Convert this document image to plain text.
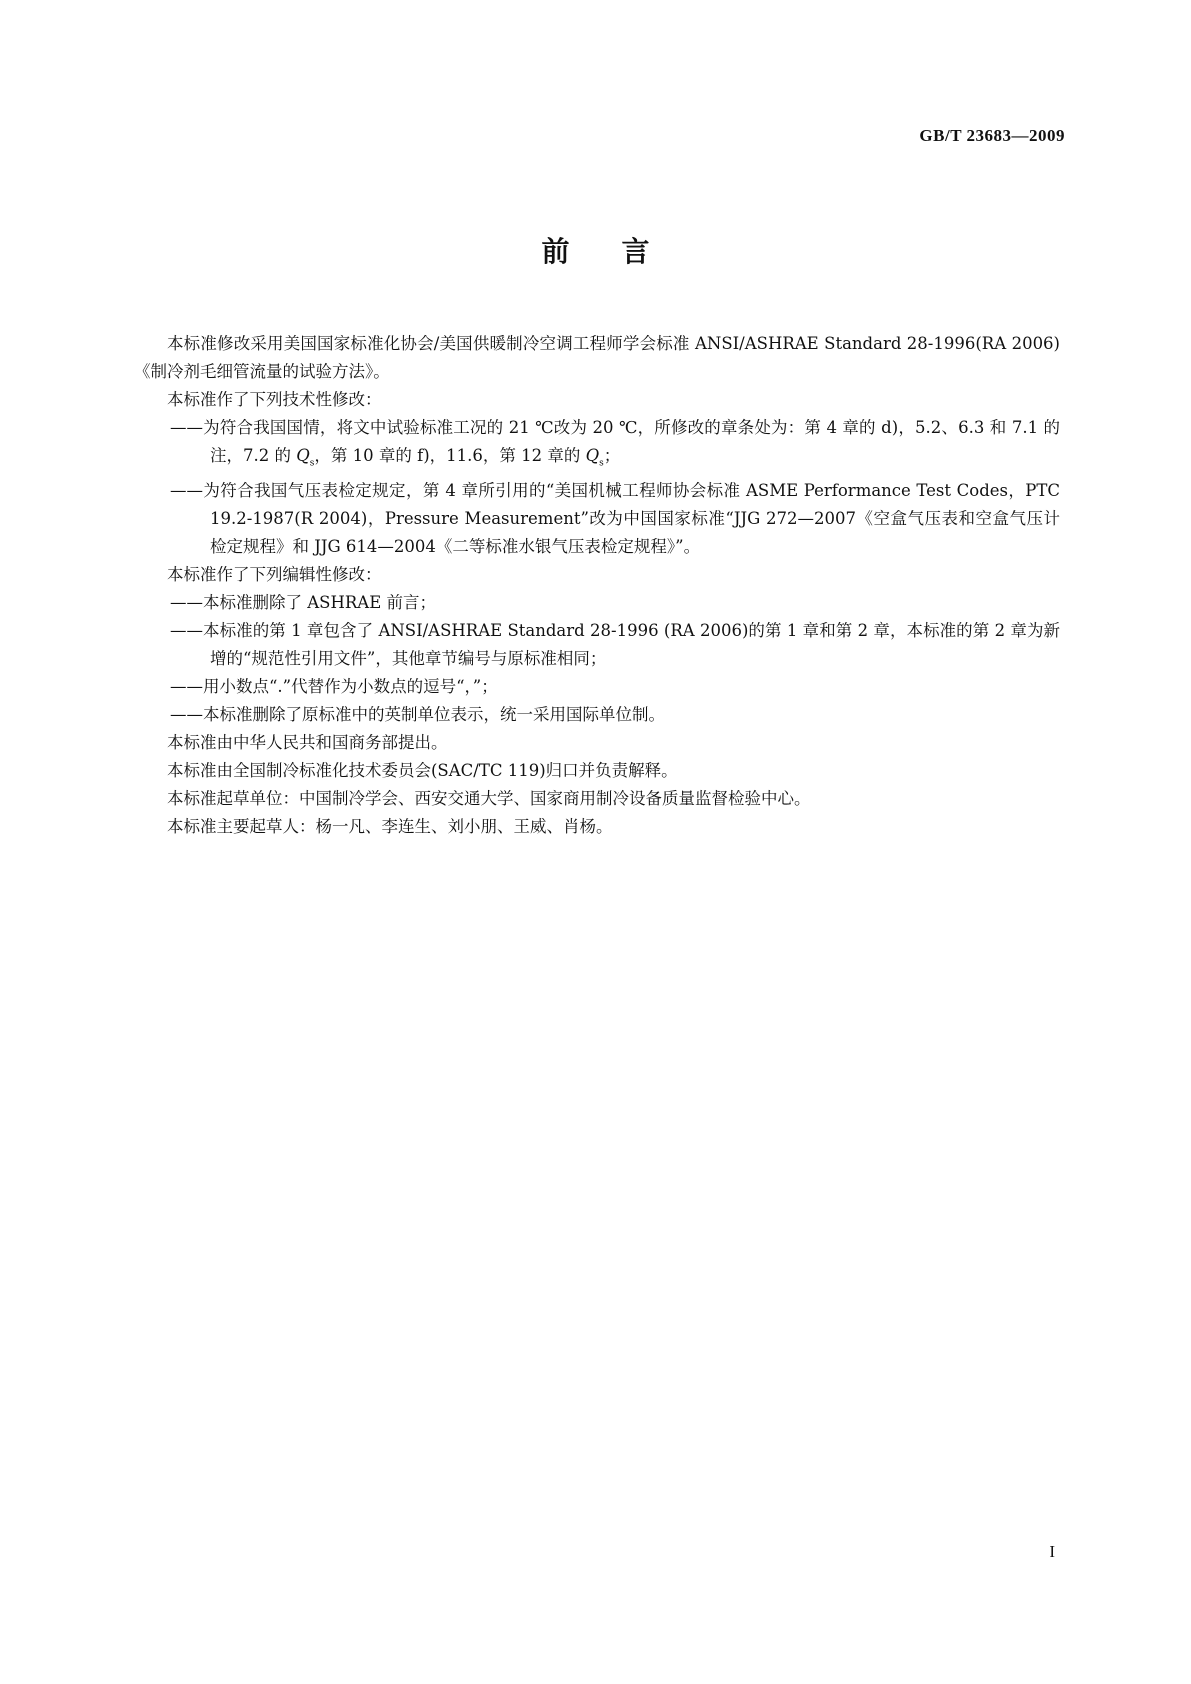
GB/T 23683—2009

前言

本标准修改采用美国国家标准化协会/美国供暖制冷空调工程师学会标准 ANSI/ASHRAE Standard 28-1996(RA 2006)《制冷剂毛细管流量的试验方法》。

本标准作了下列技术性修改：

——为符合我国国情，将文中试验标准工况的 21 ℃改为 20 ℃，所修改的章条处为：第 4 章的 d)，5.2、6.3 和 7.1 的注，7.2 的 $Q_s$，第 10 章的 f)，11.6，第 12 章的 $Q_s$；

——为符合我国气压表检定规定，第 4 章所引用的“美国机械工程师协会标准 ASME Performance Test Codes，PTC 19.2-1987(R 2004)，Pressure Measurement”改为中国国家标准“JJG 272—2007《空盒气压表和空盒气压计检定规程》和 JJG 614—2004《二等标准水银气压表检定规程》”。

本标准作了下列编辑性修改：

——本标准删除了 ASHRAE 前言；

——本标准的第 1 章包含了 ANSI/ASHRAE Standard 28-1996 (RA 2006)的第 1 章和第 2 章，本标准的第 2 章为新增的“规范性引用文件”，其他章节编号与原标准相同；

——用小数点“.”代替作为小数点的逗号“，”；

——本标准删除了原标准中的英制单位表示，统一采用国际单位制。

本标准由中华人民共和国商务部提出。

本标准由全国制冷标准化技术委员会(SAC/TC 119)归口并负责解释。

本标准起草单位：中国制冷学会、西安交通大学、国家商用制冷设备质量监督检验中心。

本标准主要起草人：杨一凡、李连生、刘小朋、王威、肖杨。

I
